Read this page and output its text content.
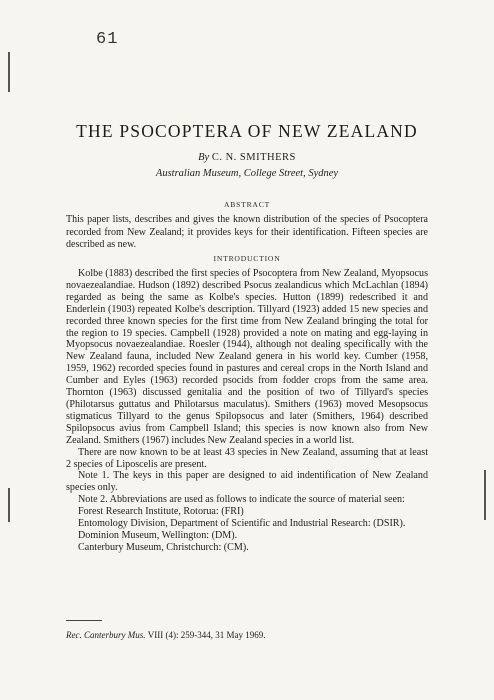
61
THE PSOCOPTERA OF NEW ZEALAND
By C. N. SMITHERS
Australian Museum, College Street, Sydney
ABSTRACT
This paper lists, describes and gives the known distribution of the species of Psocoptera recorded from New Zealand; it provides keys for their identification. Fifteen species are described as new.
INTRODUCTION

Kolbe (1883) described the first species of Psocoptera from New Zealand, Myopsocus novaezealandiae. Hudson (1892) described Psocus zealandicus which McLachlan (1894) regarded as being the same as Kolbe's species. Hutton (1899) redescribed it and Enderlein (1903) repeated Kolbe's description. Tillyard (1923) added 15 new species and recorded three known species for the first time from New Zealand bringing the total for the region to 19 species. Campbell (1928) provided a note on mating and egg-laying in Myopsocus novaezealandiae. Roesler (1944), although not dealing specifically with the New Zealand fauna, included New Zealand genera in his world key. Cumber (1958, 1959, 1962) recorded species found in pastures and cereal crops in the North Island and Cumber and Eyles (1963) recorded psocids from fodder crops from the same area. Thornton (1963) discussed genitalia and the position of two of Tillyard's species (Philotarsus guttatus and Philotarsus maculatus). Smithers (1963) moved Mesopsocus stigmaticus Tillyard to the genus Spilopsocus and later (Smithers, 1964) described Spilopsocus avius from Campbell Island; this species is now known also from New Zealand. Smithers (1967) includes New Zealand species in a world list.

There are now known to be at least 43 species in New Zealand, assuming that at least 2 species of Liposcelis are present.

Note 1. The keys in this paper are designed to aid indentification of New Zealand species only.

Note 2. Abbreviations are used as follows to indicate the source of material seen:

Forest Research Institute, Rotorua: (FRI)

Entomology Division, Department of Scientific and Industrial Research: (DSIR).

Dominion Museum, Wellington: (DM).

Canterbury Museum, Christchurch: (CM).

Rec. Canterbury Mus. VIII (4): 259-344, 31 May 1969.
